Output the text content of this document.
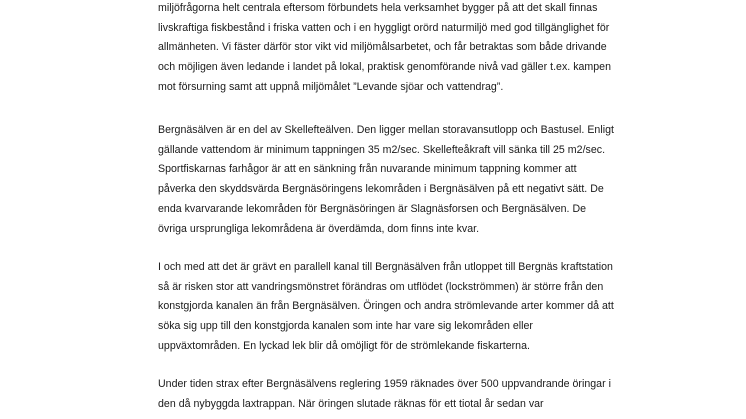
miljöfrågorna helt centrala eftersom förbundets hela verksamhet bygger på att det skall finnas
livskraftiga fiskbestånd i friska vatten och i en hyggligt orörd naturmiljö med god tillgänglighet för
allmänheten. Vi fäster därför stor vikt vid miljömålsarbetet, och får betraktas som både drivande
och möjligen även ledande i landet på lokal, praktisk genomförande nivå vad gäller t.ex. kampen
mot försurning samt att uppnå miljömålet ”Levande sjöar och vattendrag”.
Bergnäsälven är en del av Skellefteälven. Den ligger mellan storavansutlopp och Bastusel. Enligt
gällande vattendom är minimum tappningen 35 m2/sec. Skellefteåkraft vill sänka till 25 m2/sec.
Sportfiskarnas farhågor är att en sänkning från nuvarande minimum tappning kommer att
påverka den skyddsvärda Bergnäsöringens lekområden i Bergnäsälven på ett negativt sätt. De
enda kvarvarande lekområden för Bergnäsöringen är Slagnäsforsen och Bergnäsälven. De
övriga ursprungliga lekområdena är överdämda, dom finns inte kvar.
I och med att det är grävt en parallell kanal till Bergnäsälven från utloppet till Bergnäs kraftstation
så är risken stor att vandringsmönstret förändras om utflödet (lockströmmen) är större från den
konstgjorda kanalen än från Bergnäsälven. Öringen och andra strömlevande arter kommer då att
söka sig upp till den konstgjorda kanalen som inte har vare sig lekområden eller
uppväxtområden. En lyckad lek blir då omöjligt för de strömlekande fiskarterna.
Under tiden strax efter Bergnäsälvens reglering 1959 räknades över 500 uppvandrande öringar i
den då nybyggda laxtrappan. När öringen slutade räknas för ett tiotal år sedan var
